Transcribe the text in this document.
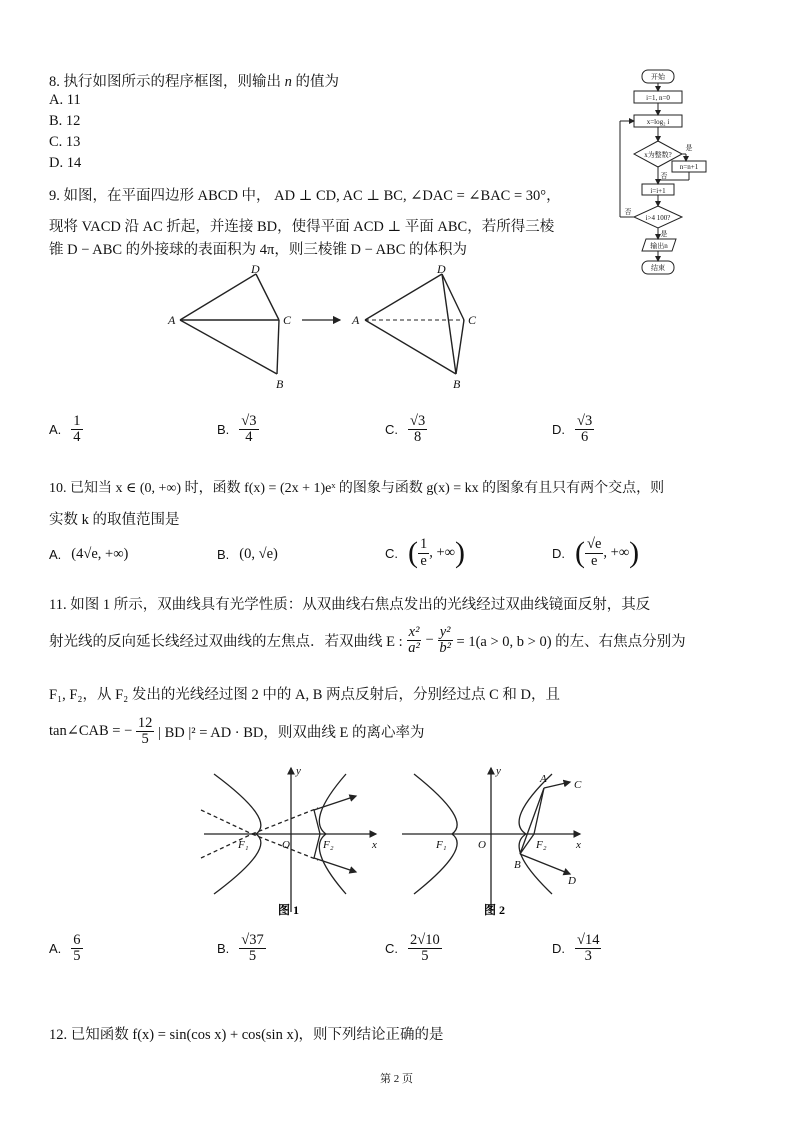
8. 执行如图所示的程序框图，则输出 n 的值为
A. 11
B. 12
C. 13
D. 14
开始
i=1, n=0
x=log₂ i
x为整数?
是
n=n+1
否
i=i+1
i>4 100?
否
是
输出n
结束
9. 如图，在平面四边形 ABCD 中， AD ⊥ CD, AC ⊥ BC, ∠DAC = ∠BAC = 30°，
现将 VACD 沿 AC 折起，并连接 BD，使得平面 ACD ⊥ 平面 ABC，若所得三棱
锥 D − ABC 的外接球的表面积为 4π，则三棱锥 D − ABC 的体积为
A
D
C
B
A
D
C
B
A. $\frac{1}{4}$	B. $\frac{√3}{4}$	C. $\frac{√3}{8}$	D. $\frac{√3}{6}$
10. 已知当 x ∈ (0, +∞) 时，函数 f(x) = (2x + 1)eˣ 的图象与函数 g(x) = kx 的图象有且只有两个交点，则
实数 k 的取值范围是
A. (4√e, +∞)	B. (0, √e)	C. ( $\frac{1}{e}$ , +∞)	D. ( $\frac{√e}{e}$ , +∞)
11. 如图 1 所示，双曲线具有光学性质：从双曲线右焦点发出的光线经过双曲线镜面反射，其反
射光线的反向延长线经过双曲线的左焦点．若双曲线 E : $\frac{\text{x²}}{\text{a²}} - \frac{\text{y²}}{\text{b²}} = 1(a > 0$, b > 0) 的左、右焦点分别为
F₁, F₂，从 F₂ 发出的光线经过图 2 中的 A, B 两点反射后，分别经过点 C 和 D，且
tan∠CAB = − $\frac{12}{5}$ | BD |² = AD · BD，则双曲线 E 的离心率为
F₁	F₂
O	x
y
图 1
F₁	O	F₂	x
y
A C
B
D
图 2
A. $\frac{6}{5}$	B. $\frac{√37}{5}$	C. $\frac{2√10}{5}$	D. $\frac{√14}{3}$
12. 已知函数 f(x) = sin(cos x) + cos(sin x)，则下列结论正确的是
第 2 页
